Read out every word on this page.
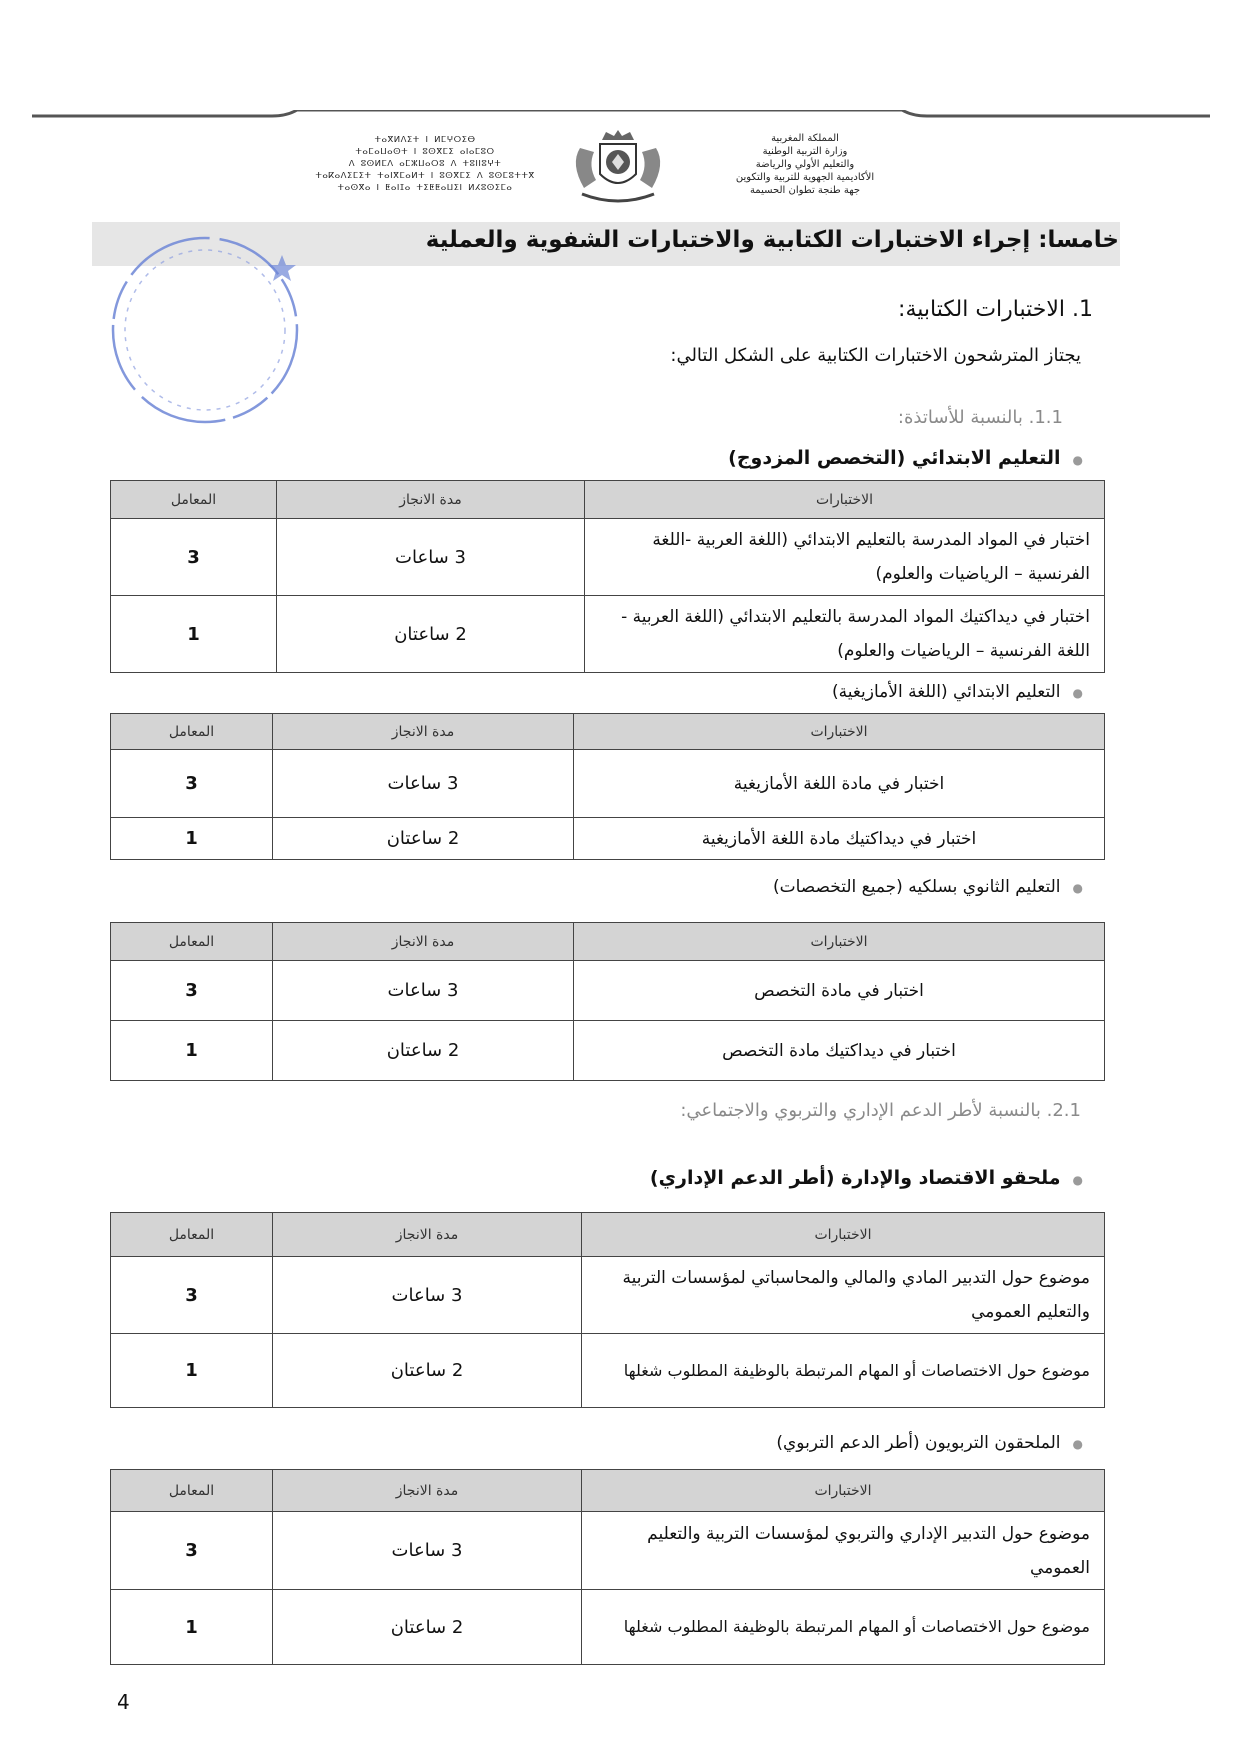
ⵜⴰⴳⵍⴷⵉⵜ ⵏ ⵍⵎⵖⵔⵉⴱ
ⵜⴰⵎⴰⵡⴰⵙⵜ ⵏ ⵓⵙⴳⵎⵉ ⴰⵏⴰⵎⵓⵔ
ⴷ ⵓⵙⵍⵎⴷ ⴰⵎⵣⵡⴰⵔⵓ ⴷ ⵜⵓⵏⵏⵓⵖⵜ
ⵜⴰⴽⴰⴷⵉⵎⵉⵜ ⵜⴰⵏⴳⵎⴰⵍⵜ ⵏ ⵓⵙⴳⵎⵉ ⴷ ⵓⵙⵎⵓⵜⵜⴳ
ⵜⴰⵙⴳⴰ ⵏ ⵟⴰⵏⵊⴰ ⵜⵉⵟⵟⴰⵡⵉⵏ ⵍⵃⵓⵙⵉⵎⴰ
المملكة المغربية
وزارة التربية الوطنية
والتعليم الأولي والرياضة
الأكاديمية الجهوية للتربية والتكوين
جهة طنجة تطوان الحسيمة
خامسا: إجراء الاختبارات الكتابية والاختبارات الشفوية والعملية
1. الاختبارات الكتابية:
يجتاز المترشحون الاختبارات الكتابية على الشكل التالي:
1.1. بالنسبة للأساتذة:
●التعليم الابتدائي (التخصص المزدوج)
الاختبارات	مدة الانجاز	المعامل
اختبار في المواد المدرسة بالتعليم الابتدائي (اللغة العربية -اللغة الفرنسية – الرياضيات والعلوم)	3 ساعات	3
اختبار في ديداكتيك المواد المدرسة بالتعليم الابتدائي (اللغة العربية - اللغة الفرنسية – الرياضيات والعلوم)	2 ساعتان	1
●التعليم الابتدائي (اللغة الأمازيغية)
الاختبارات	مدة الانجاز	المعامل
اختبار في مادة اللغة الأمازيغية	3 ساعات	3
اختبار في ديداكتيك مادة اللغة الأمازيغية	2 ساعتان	1
●التعليم الثانوي بسلكيه (جميع التخصصات)
الاختبارات	مدة الانجاز	المعامل
اختبار في مادة التخصص	3 ساعات	3
اختبار في ديداكتيك مادة التخصص	2 ساعتان	1
2.1. بالنسبة لأطر الدعم الإداري والتربوي والاجتماعي:
●ملحقو الاقتصاد والإدارة (أطر الدعم الإداري)
الاختبارات	مدة الانجاز	المعامل
موضوع حول التدبير المادي والمالي والمحاسباتي لمؤسسات التربية والتعليم العمومي	3 ساعات	3
موضوع حول الاختصاصات أو المهام المرتبطة بالوظيفة المطلوب شغلها	2 ساعتان	1
●الملحقون التربويون (أطر الدعم التربوي)
الاختبارات	مدة الانجاز	المعامل
موضوع حول التدبير الإداري والتربوي لمؤسسات التربية والتعليم العمومي	3 ساعات	3
موضوع حول الاختصاصات أو المهام المرتبطة بالوظيفة المطلوب شغلها	2 ساعتان	1
4
